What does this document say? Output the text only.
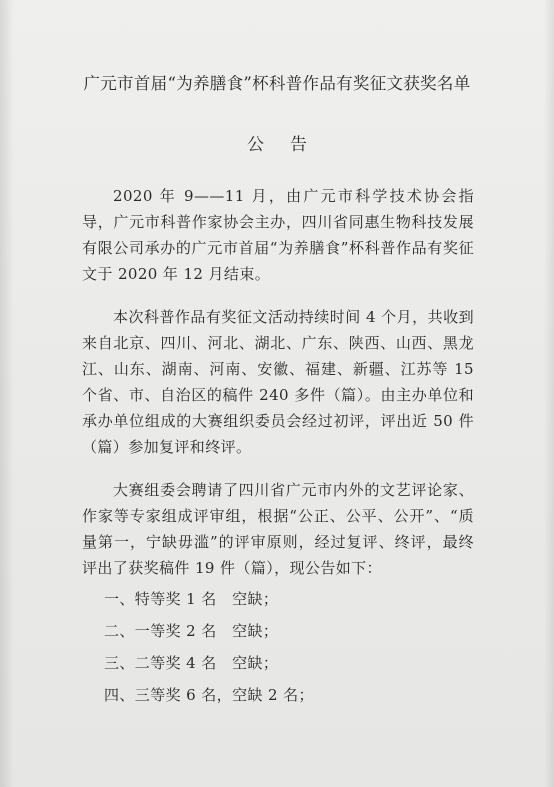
广元市首届“为养膳食”杯科普作品有奖征文获奖名单
公告

2020 年 9——11 月，由广元市科学技术协会指导，广元市科普作家协会主办，四川省同惠生物科技发展有限公司承办的广元市首届“为养膳食”杯科普作品有奖征文于 2020 年 12 月结束。

本次科普作品有奖征文活动持续时间 4 个月，共收到来自北京、四川、河北、湖北、广东、陕西、山西、黑龙江、山东、湖南、河南、安徽、福建、新疆、江苏等 15 个省、市、自治区的稿件 240 多件（篇）。由主办单位和承办单位组成的大赛组织委员会经过初评，评出近 50 件（篇）参加复评和终评。

大赛组委会聘请了四川省广元市内外的文艺评论家、作家等专家组成评审组，根据“公正、公平、公开”、“质量第一，宁缺毋滥”的评审原则，经过复评、终评，最终评出了获奖稿件 19 件（篇），现公告如下：

一、特等奖 1 名　空缺；
二、一等奖 2 名　空缺；
三、二等奖 4 名　空缺；
四、三等奖 6 名，空缺 2 名；
